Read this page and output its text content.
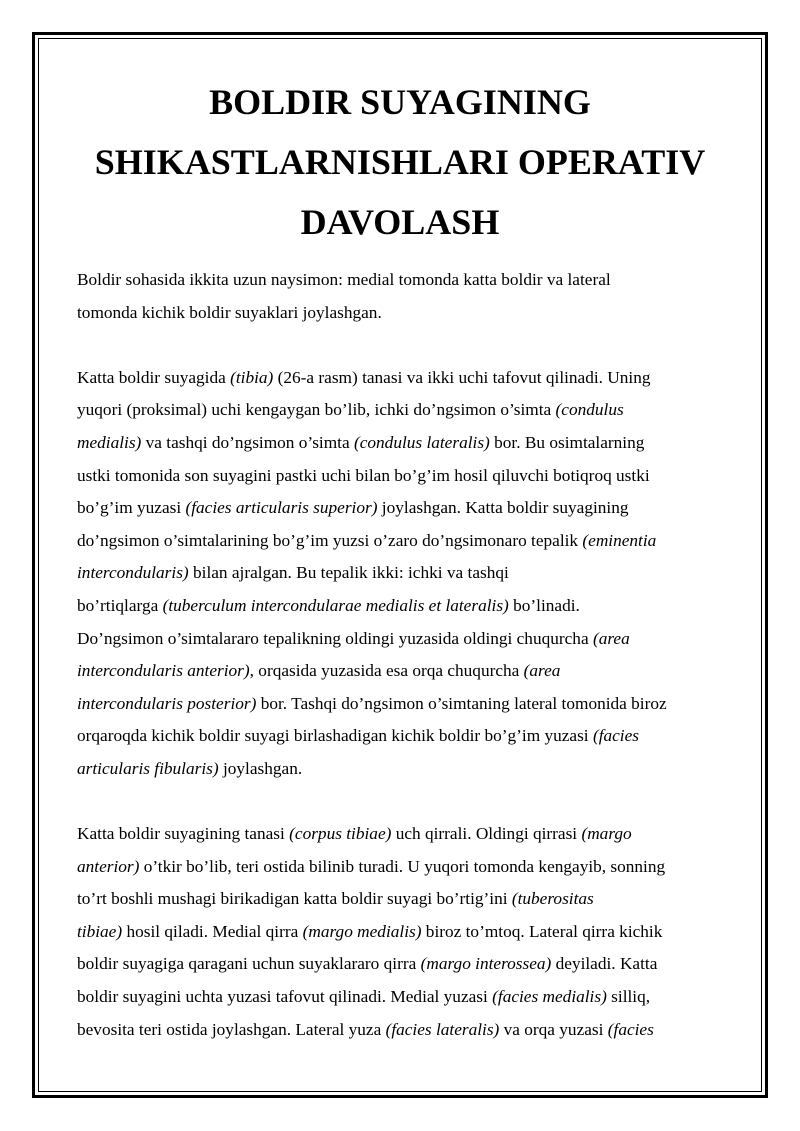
BOLDIR SUYAGINING
SHIKASTLARNISHLARI OPERATIV
DAVOLASH

Boldir sohasida ikkita uzun naysimon: medial tomonda katta boldir va lateral
tomonda kichik boldir suyaklari joylashgan.

Katta boldir suyagida (tibia) (26-a rasm) tanasi va ikki uchi tafovut qilinadi. Uning
yuqori (proksimal) uchi kengaygan bo’lib, ichki do’ngsimon o’simta (condulus
medialis) va tashqi do’ngsimon o’simta (condulus lateralis) bor. Bu osimtalarning
ustki tomonida son suyagini pastki uchi bilan bo’g’im hosil qiluvchi botiqroq ustki
bo’g’im yuzasi (facies articularis superior) joylashgan. Katta boldir suyagining
do’ngsimon o’simtalarining bo’g’im yuzsi o’zaro do’ngsimonaro tepalik (eminentia
intercondularis) bilan ajralgan. Bu tepalik ikki: ichki va tashqi
bo’rtiqlarga (tuberculum intercondularae medialis et lateralis) bo’linadi.
Do’ngsimon o’simtalararo tepalikning oldingi yuzasida oldingi chuqurcha (area
intercondularis anterior), orqasida yuzasida esa orqa chuqurcha (area
intercondularis posterior) bor. Tashqi do’ngsimon o’simtaning lateral tomonida biroz
orqaroqda kichik boldir suyagi birlashadigan kichik boldir bo’g’im yuzasi (facies
articularis fibularis) joylashgan.

Katta boldir suyagining tanasi (corpus tibiae) uch qirrali. Oldingi qirrasi (margo
anterior) o’tkir bo’lib, teri ostida bilinib turadi. U yuqori tomonda kengayib, sonning
to’rt boshli mushagi birikadigan katta boldir suyagi bo’rtig’ini (tuberositas
tibiae) hosil qiladi. Medial qirra (margo medialis) biroz to’mtoq. Lateral qirra kichik
boldir suyagiga qaragani uchun suyaklararo qirra (margo interossea) deyiladi. Katta
boldir suyagini uchta yuzasi tafovut qilinadi. Medial yuzasi (facies medialis) silliq,
bevosita teri ostida joylashgan. Lateral yuza (facies lateralis) va orqa yuzasi (facies
